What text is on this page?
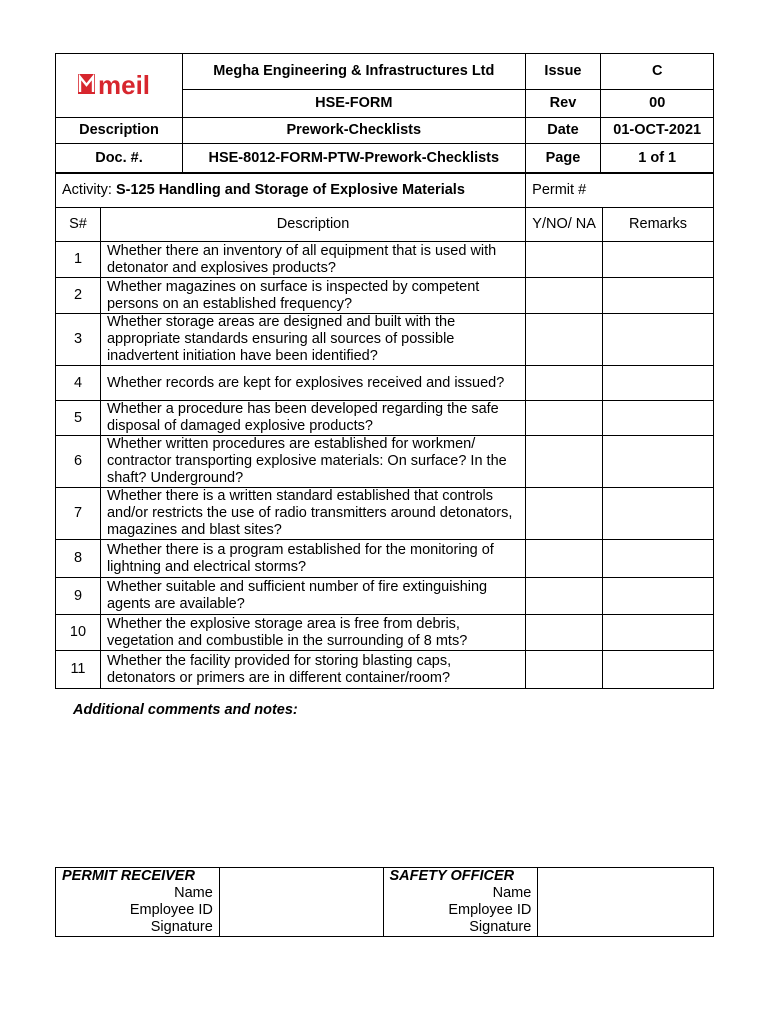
meil	Megha Engineering & Infrastructures Ltd	Issue	C
	HSE-FORM	Rev	00
Description	Prework-Checklists	Date	01-OCT-2021
Doc. #.	HSE-8012-FORM-PTW-Prework-Checklists	Page	1 of 1
Activity: S-125 Handling and Storage of Explosive Materials		Permit #	
S#	Description	Y/NO/ NA	Remarks
1	Whether there an inventory of all equipment that is used with detonator and explosives products?		
2	Whether magazines on surface is inspected by competent persons on an established frequency?		
3	Whether storage areas are designed and built with the appropriate standards ensuring all sources of possible inadvertent initiation have been identified?		
4	Whether records are kept for explosives received and issued?		
5	Whether a procedure has been developed regarding the safe disposal of damaged explosive products?		
6	Whether written procedures are established for workmen/ contractor transporting explosive materials: On surface? In the shaft? Underground?		
7	Whether there is a written standard established that controls and/or restricts the use of radio transmitters around detonators, magazines and blast sites?		
8	Whether there is a program established for the monitoring of lightning and electrical storms?		
9	Whether suitable and sufficient number of fire extinguishing agents are available?		
10	Whether the explosive storage area is free from debris, vegetation and combustible in the surrounding of 8 mts?		
11	Whether the facility provided for storing blasting caps, detonators or primers are in different container/room?		
Additional comments and notes:
PERMIT RECEIVER
Name
Employee ID
Signature

SAFETY OFFICER
Name
Employee ID
Signature
